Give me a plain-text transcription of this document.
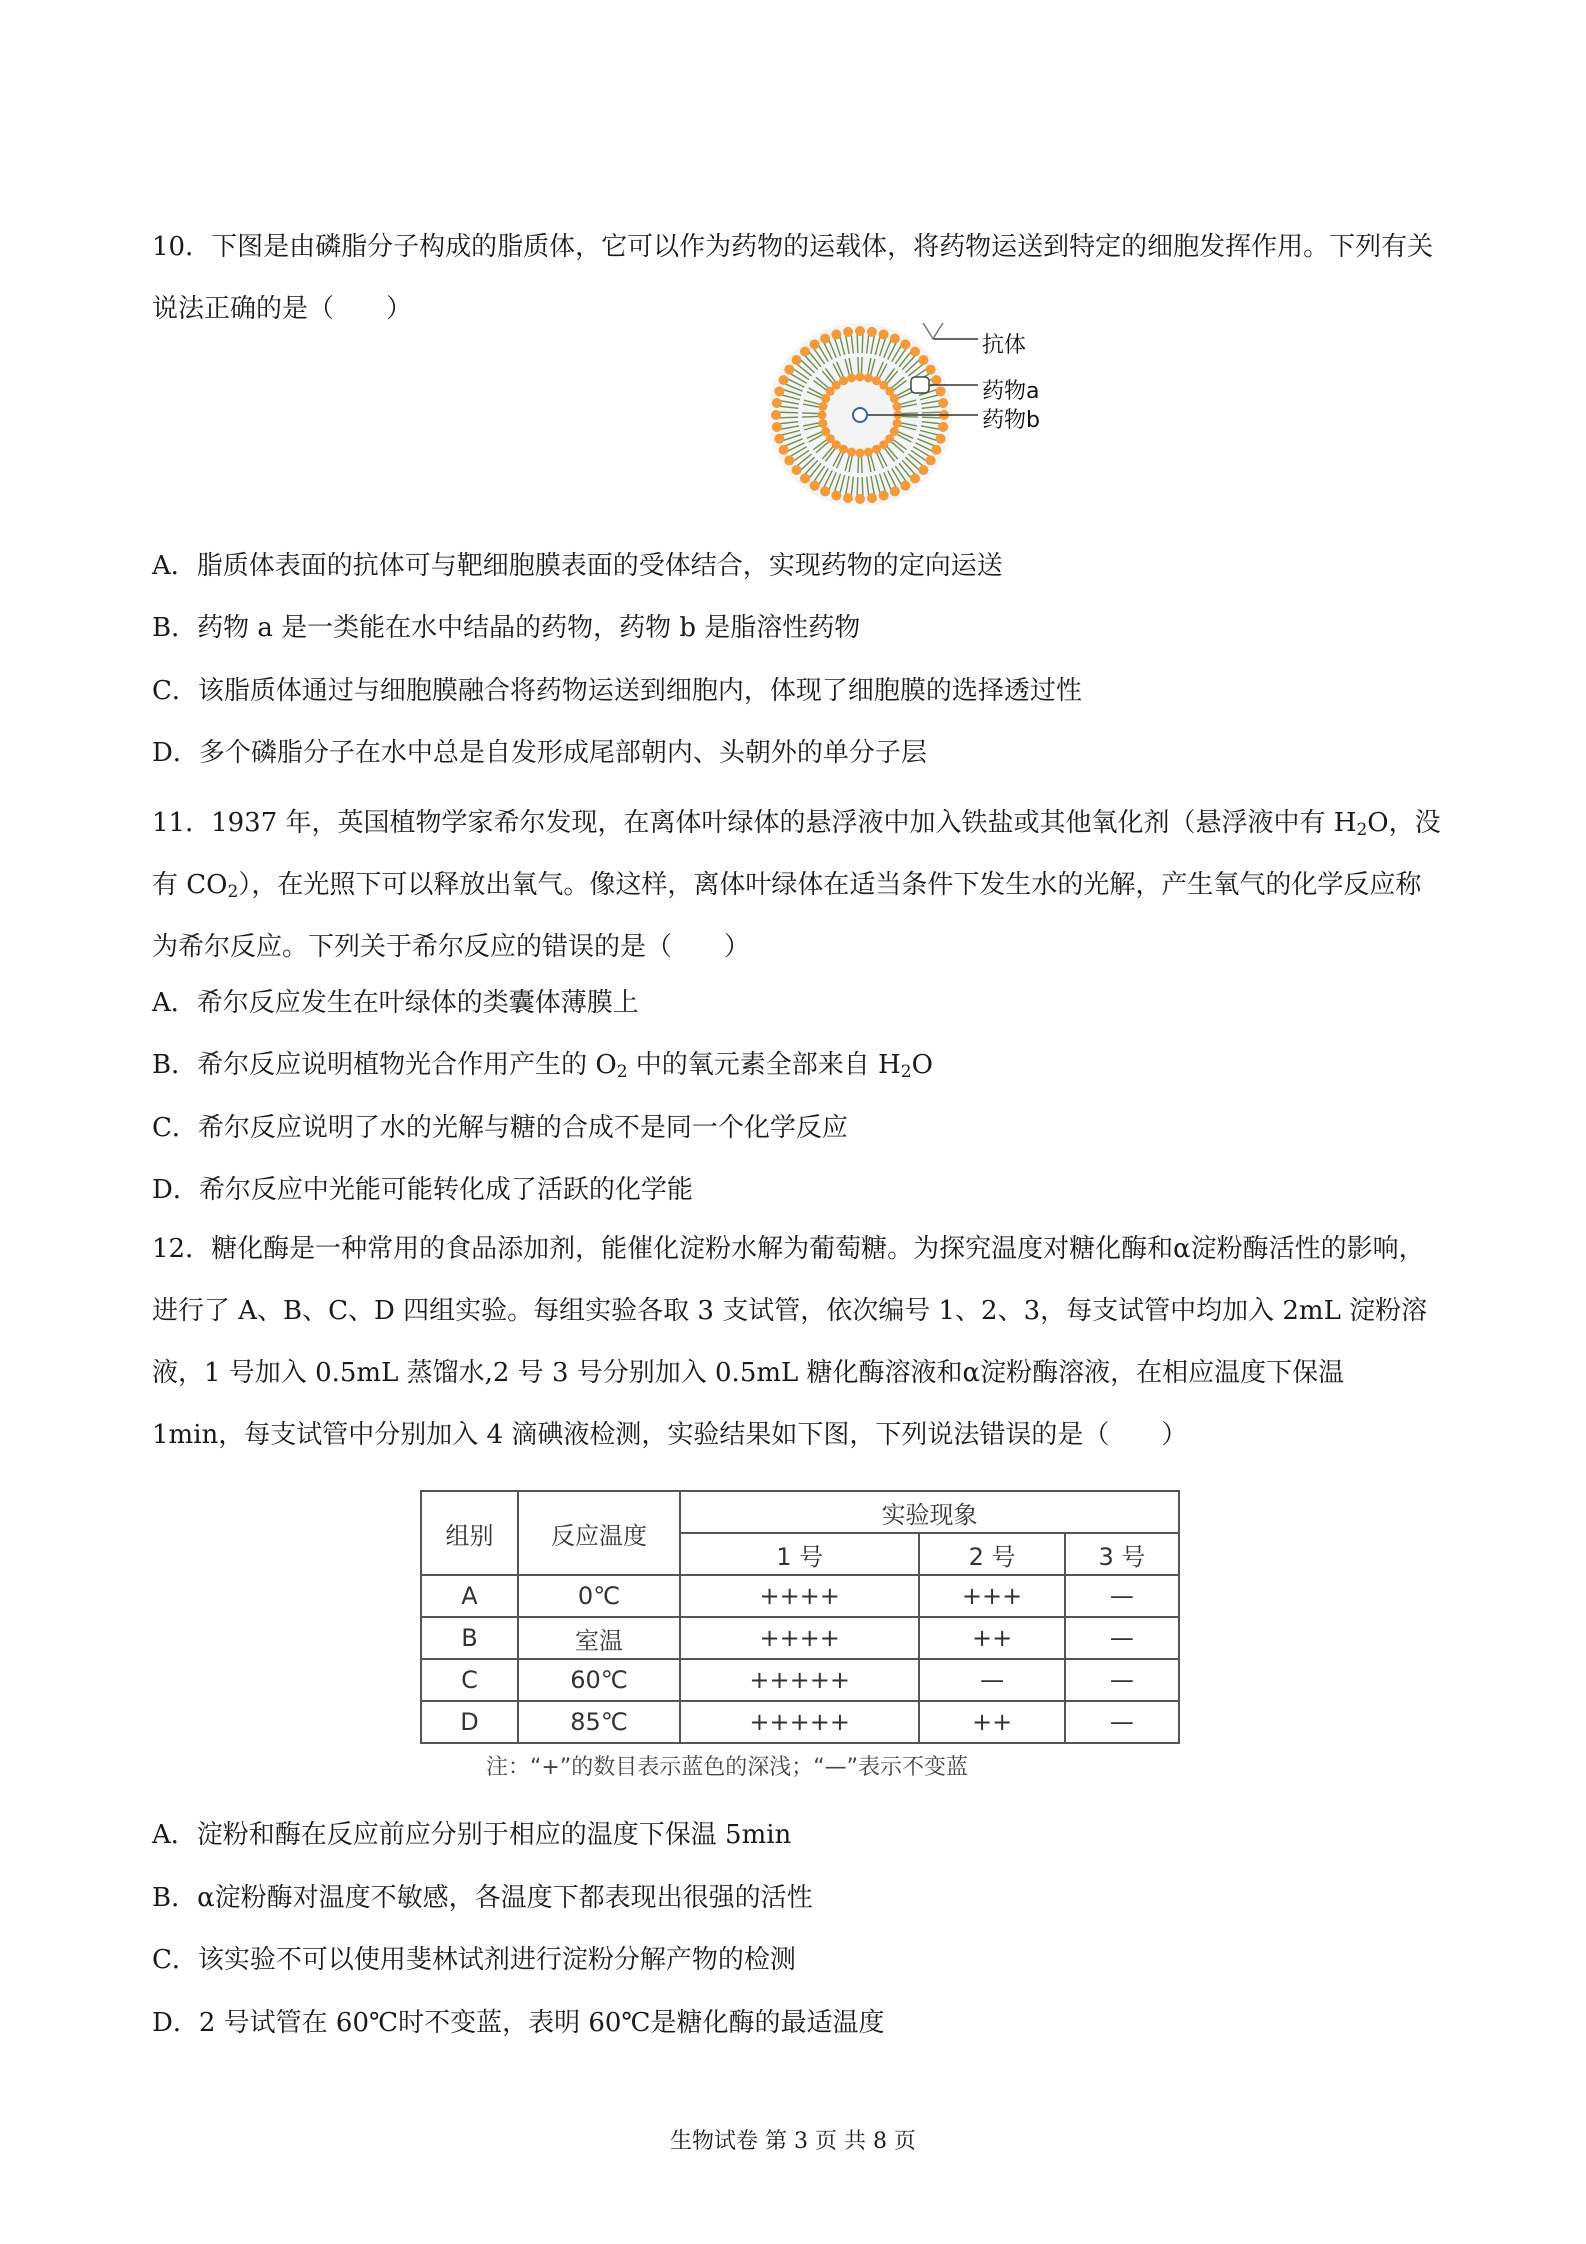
10．下图是由磷脂分子构成的脂质体，它可以作为药物的运载体，将药物运送到特定的细胞发挥作用。下列有关说法正确的是（　　）

抗体
药物a
药物b

A．脂质体表面的抗体可与靶细胞膜表面的受体结合，实现药物的定向运送

B．药物 a 是一类能在水中结晶的药物，药物 b 是脂溶性药物

C．该脂质体通过与细胞膜融合将药物运送到细胞内，体现了细胞膜的选择透过性

D．多个磷脂分子在水中总是自发形成尾部朝内、头朝外的单分子层

11．1937 年，英国植物学家希尔发现，在离体叶绿体的悬浮液中加入铁盐或其他氧化剂（悬浮液中有 $H_2O$，没有 $CO_2$），在光照下可以释放出氧气。像这样，离体叶绿体在适当条件下发生水的光解，产生氧气的化学反应称为希尔反应。下列关于希尔反应的错误的是（　　）

A．希尔反应发生在叶绿体的类囊体薄膜上

B．希尔反应说明植物光合作用产生的 $O_2$ 中的氧元素全部来自 $H_2O$

C．希尔反应说明了水的光解与糖的合成不是同一个化学反应

D．希尔反应中光能可能转化成了活跃的化学能

12．糖化酶是一种常用的食品添加剂，能催化淀粉水解为葡萄糖。为探究温度对糖化酶和α淀粉酶活性的影响，进行了 A、B、C、D 四组实验。每组实验各取 3 支试管，依次编号 1、2、3，每支试管中均加入 2mL 淀粉溶液，1 号加入 0.5mL 蒸馏水,2 号 3 号分别加入 0.5mL 糖化酶溶液和α淀粉酶溶液，在相应温度下保温 1min，每支试管中分别加入 4 滴碘液检测，实验结果如下图，下列说法错误的是（　　）

组别	反应温度	实验现象		
		1 号	2 号	3 号
A	0℃	++++	+++	—
B	室温	++++	++	—
C	60℃	+++++	—	—
D	85℃	+++++	++	—
注：“+”的数目表示蓝色的深浅；“—”表示不变蓝

A．淀粉和酶在反应前应分别于相应的温度下保温 5min

B．α淀粉酶对温度不敏感，各温度下都表现出很强的活性

C．该实验不可以使用斐林试剂进行淀粉分解产物的检测

D．2 号试管在 60℃时不变蓝，表明 60℃是糖化酶的最适温度

生物试卷 第 3 页 共 8 页
